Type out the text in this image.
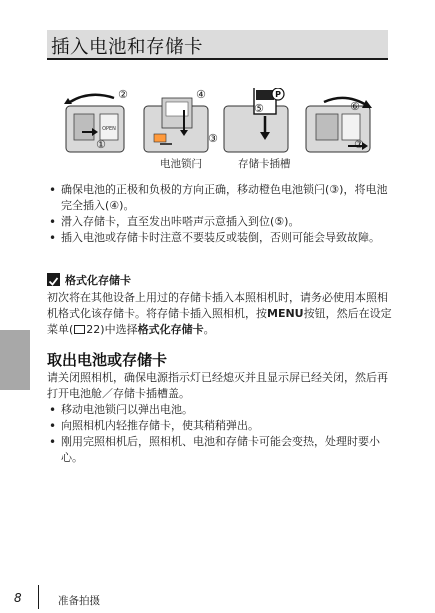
插入电池和存储卡
OPEN
P
②	④
③
⑤	⑥
①	⑦
电池锁闩	存储卡插槽
• 确保电池的正极和负极的方向正确，移动橙色电池锁闩(③)，将电池完全插入(④)。
• 滑入存储卡，直至发出咔嗒声示意插入到位(⑤)。
• 插入电池或存储卡时注意不要装反或装倒，否则可能会导致故障。
格式化存储卡
初次将在其他设备上用过的存储卡插入本照相机时，请务必使用本照相机格式化该存储卡。将存储卡插入照相机，按MENU按钮，然后在设定菜单( 22)中选择格式化存储卡。
取出电池或存储卡
请关闭照相机，确保电源指示灯已经熄灭并且显示屏已经关闭，然后再打开电池舱／存储卡插槽盖。
• 移动电池锁闩以弹出电池。
• 向照相机内轻推存储卡，使其稍稍弹出。
• 刚用完照相机后，照相机、电池和存储卡可能会变热，处理时要小心。
8	准备拍摄
